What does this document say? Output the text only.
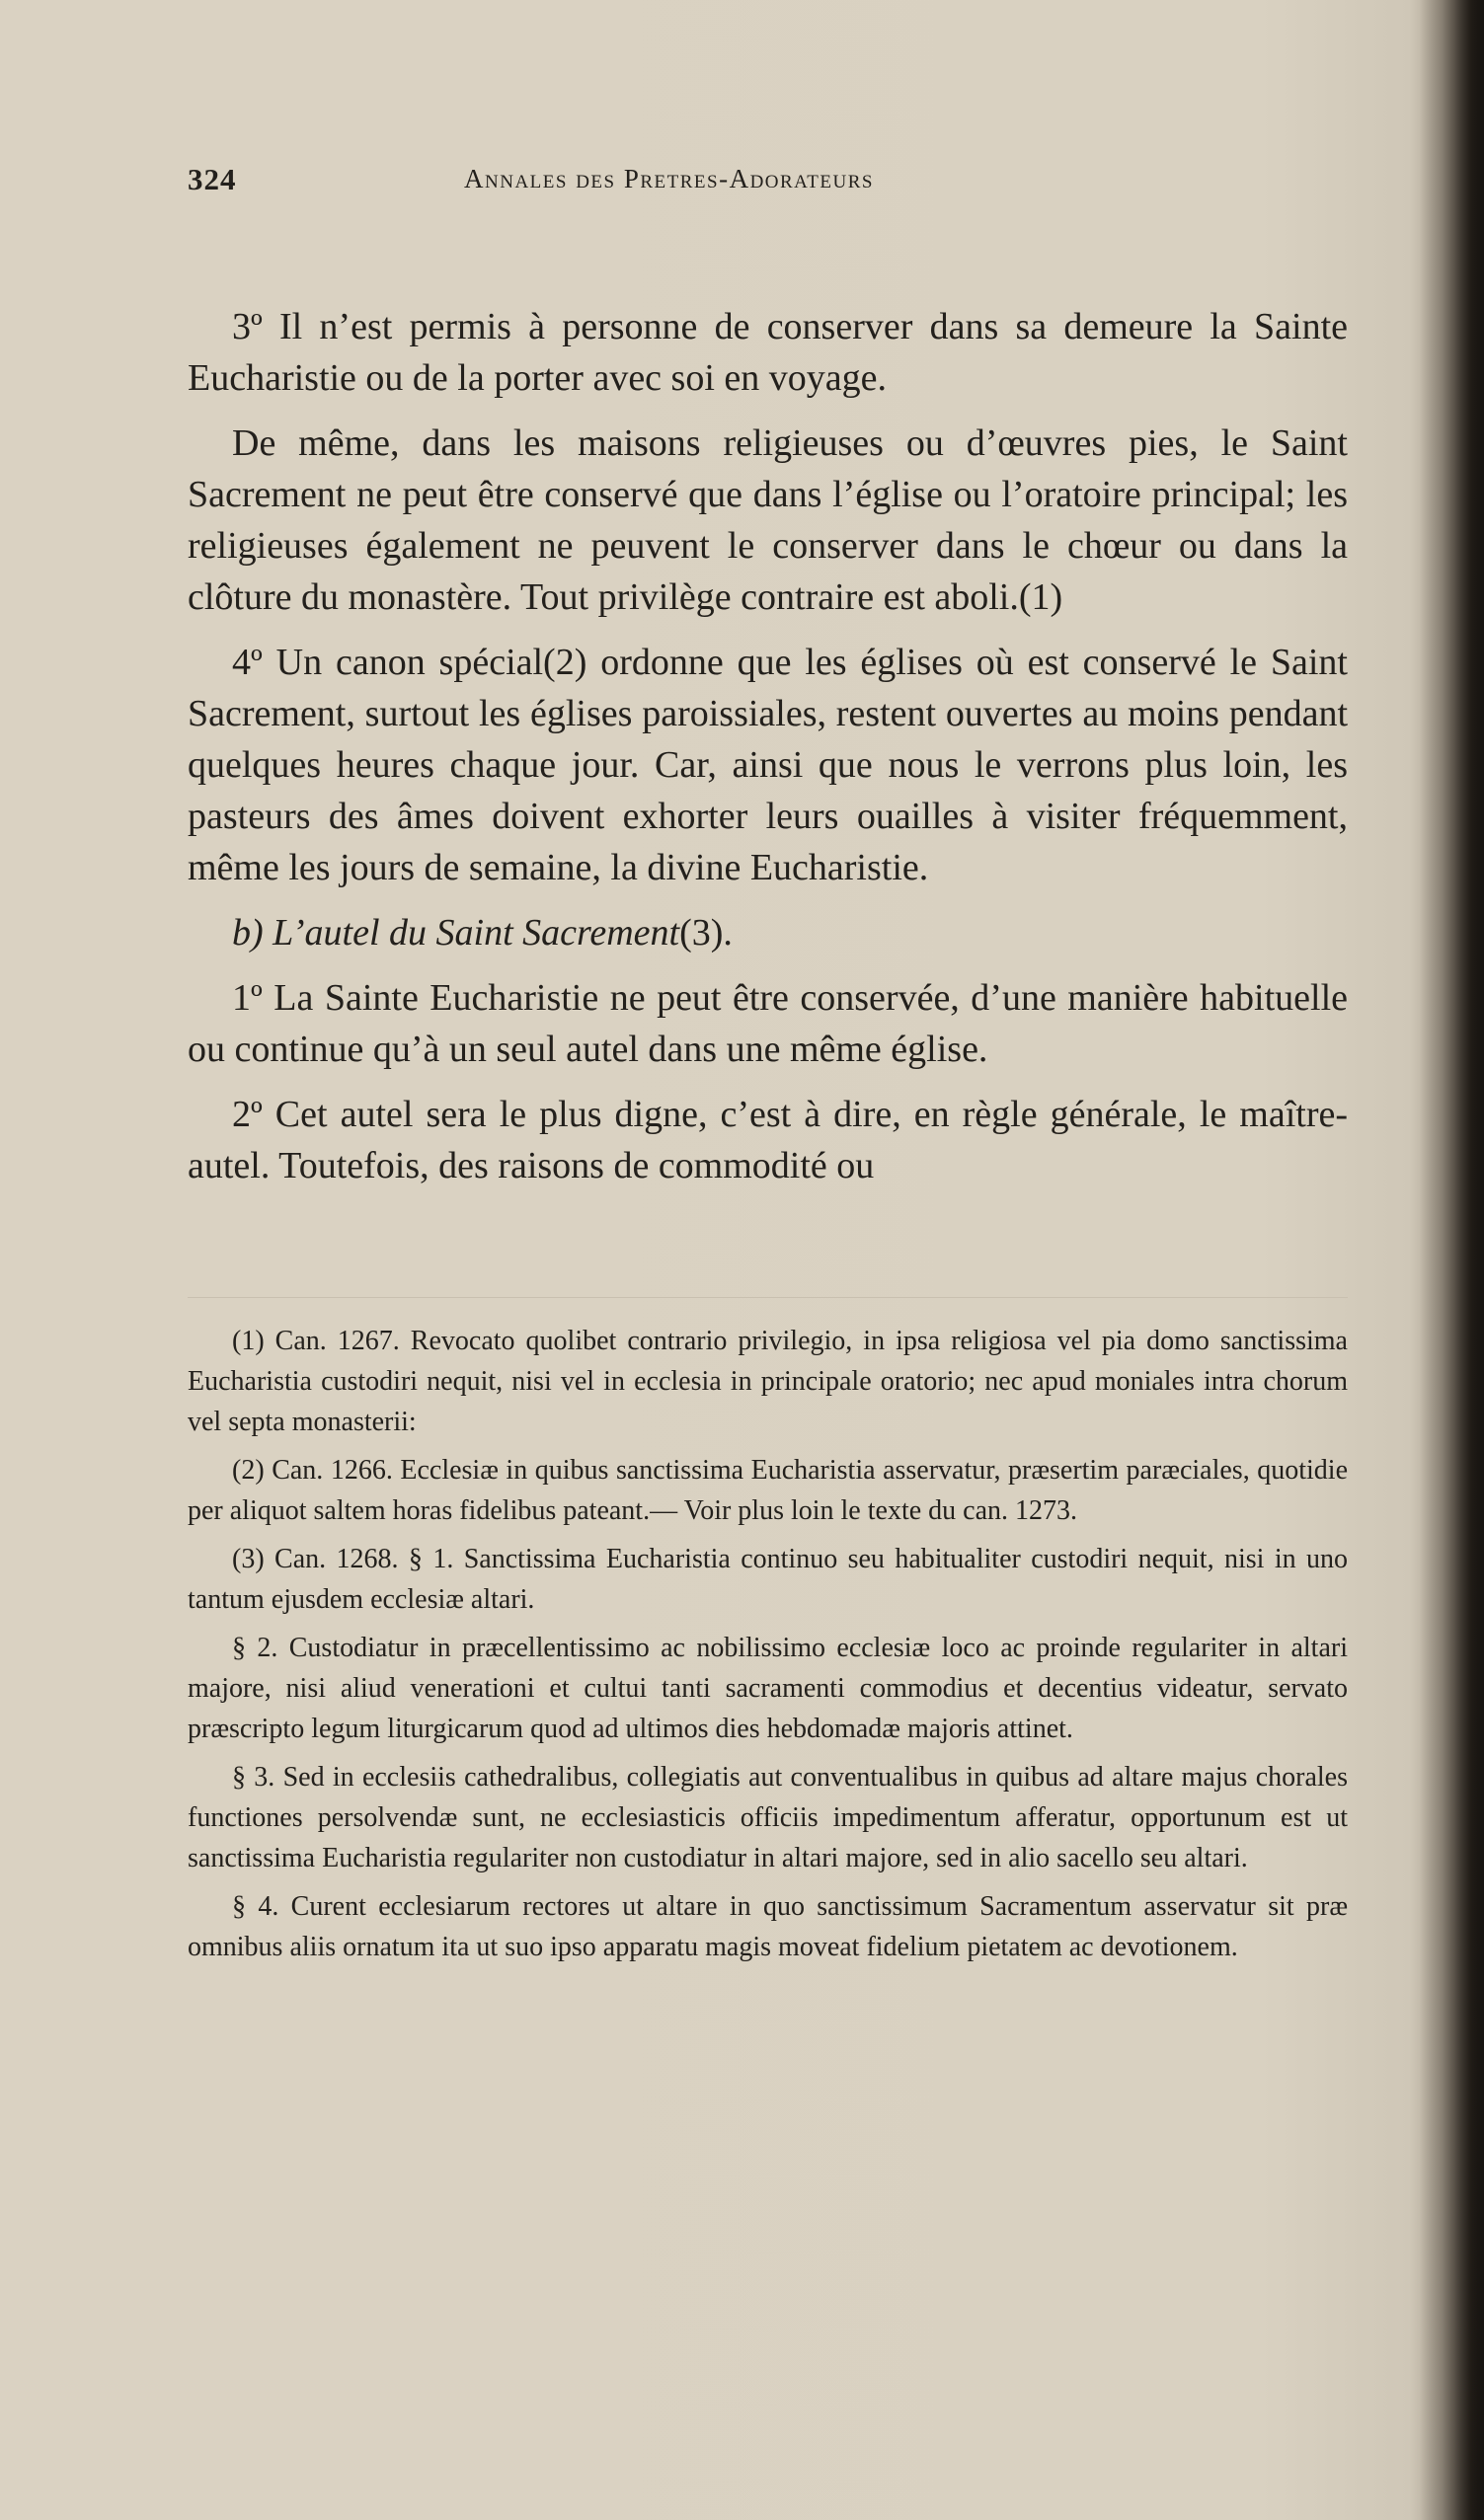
324	Annales des Pretres-Adorateurs

3º Il n’est permis à personne de conserver dans sa demeure la Sainte Eucharistie ou de la porter avec soi en voyage.

De même, dans les maisons religieuses ou d’œuvres pies, le Saint Sacrement ne peut être conservé que dans l’église ou l’oratoire principal; les religieuses également ne peuvent le conserver dans le chœur ou dans la clôture du monastère. Tout privilège contraire est aboli.(1)

4º Un canon spécial(2) ordonne que les églises où est conservé le Saint Sacrement, surtout les églises paroissiales, restent ouvertes au moins pendant quelques heures chaque jour. Car, ainsi que nous le verrons plus loin, les pasteurs des âmes doivent exhorter leurs ouailles à visiter fréquemment, même les jours de semaine, la divine Eucharistie.

b) L’autel du Saint Sacrement(3).

1º La Sainte Eucharistie ne peut être conservée, d’une manière habituelle ou continue qu’à un seul autel dans une même église.

2º Cet autel sera le plus digne, c’est à dire, en règle générale, le maître-autel. Toutefois, des raisons de commodité ou

(1) Can. 1267. Revocato quolibet contrario privilegio, in ipsa religiosa vel pia domo sanctissima Eucharistia custodiri nequit, nisi vel in ecclesia in principale oratorio; nec apud moniales intra chorum vel septa monasterii:

(2) Can. 1266. Ecclesiæ in quibus sanctissima Eucharistia asservatur, præsertim paræciales, quotidie per aliquot saltem horas fidelibus pateant.— Voir plus loin le texte du can. 1273.

(3) Can. 1268. § 1. Sanctissima Eucharistia continuo seu habitualiter custodiri nequit, nisi in uno tantum ejusdem ecclesiæ altari.

§ 2. Custodiatur in præcellentissimo ac nobilissimo ecclesiæ loco ac proinde regulariter in altari majore, nisi aliud venerationi et cultui tanti sacramenti commodius et decentius videatur, servato præscripto legum liturgicarum quod ad ultimos dies hebdomadæ majoris attinet.

§ 3. Sed in ecclesiis cathedralibus, collegiatis aut conventualibus in quibus ad altare majus chorales functiones persolvendæ sunt, ne ecclesiasticis officiis impedimentum afferatur, opportunum est ut sanctissima Eucharistia regulariter non custodiatur in altari majore, sed in alio sacello seu altari.

§ 4. Curent ecclesiarum rectores ut altare in quo sanctissimum Sacramentum asservatur sit præ omnibus aliis ornatum ita ut suo ipso apparatu magis moveat fidelium pietatem ac devotionem.
